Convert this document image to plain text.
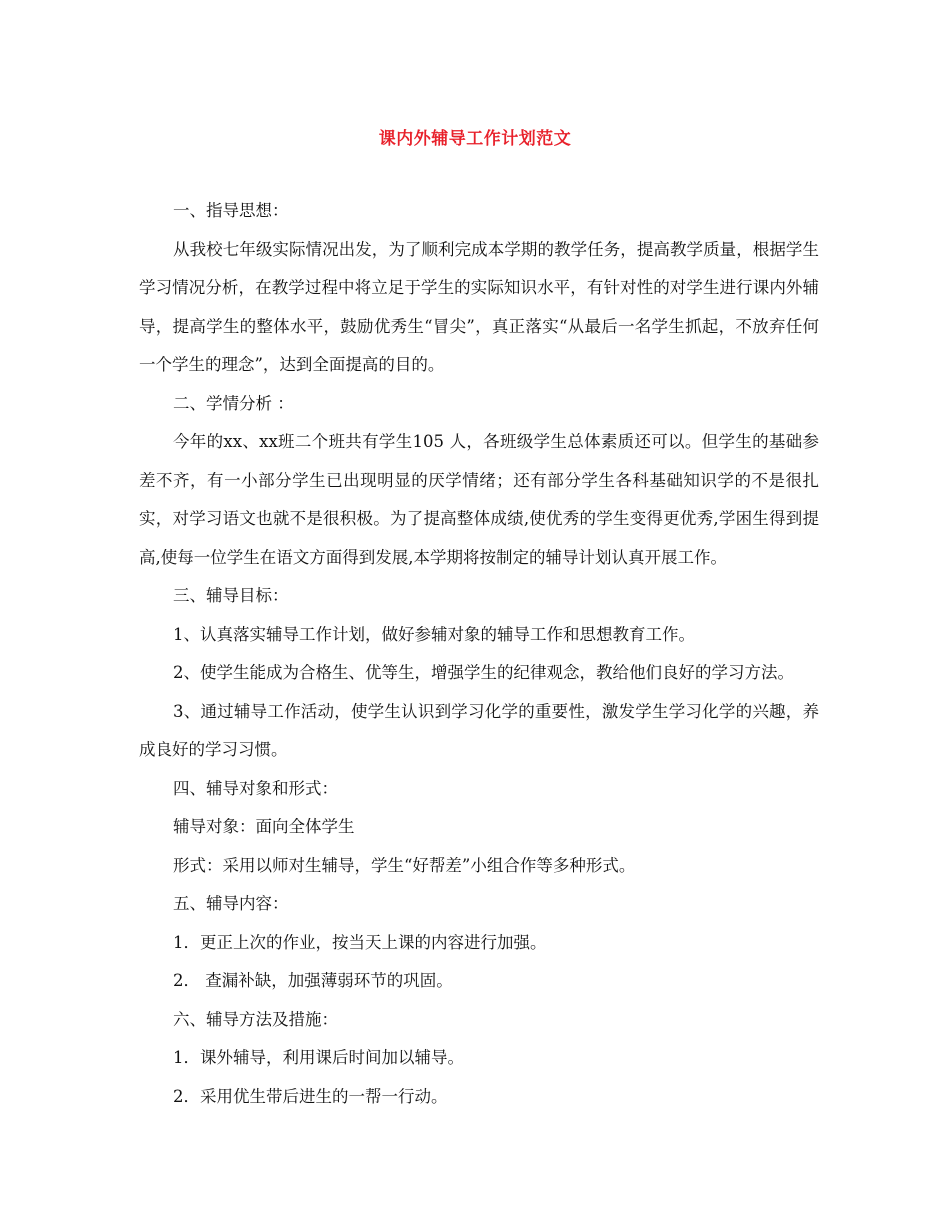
课内外辅导工作计划范文

一、指导思想：

从我校七年级实际情况出发，为了顺利完成本学期的教学任务，提高教学质量，根据学生学习情况分析，在教学过程中将立足于学生的实际知识水平，有针对性的对学生进行课内外辅导，提高学生的整体水平，鼓励优秀生“冒尖”，真正落实“从最后一名学生抓起，不放弃任何一个学生的理念”，达到全面提高的目的。

二、学情分析 ：

今年的xx、xx班二个班共有学生105 人，各班级学生总体素质还可以。但学生的基础参差不齐，有一小部分学生已出现明显的厌学情绪；还有部分学生各科基础知识学的不是很扎实，对学习语文也就不是很积极。为了提高整体成绩,使优秀的学生变得更优秀,学困生得到提高,使每一位学生在语文方面得到发展,本学期将按制定的辅导计划认真开展工作。

三、辅导目标：

1、认真落实辅导工作计划，做好参辅对象的辅导工作和思想教育工作。

2、使学生能成为合格生、优等生，增强学生的纪律观念，教给他们良好的学习方法。

3、通过辅导工作活动，使学生认识到学习化学的重要性，激发学生学习化学的兴趣，养成良好的学习习惯。

四、辅导对象和形式：

辅导对象：面向全体学生

形式：采用以师对生辅导，学生“好帮差”小组合作等多种形式。

五、辅导内容：

1．更正上次的作业，按当天上课的内容进行加强。

2． 查漏补缺，加强薄弱环节的巩固。

六、辅导方法及措施：

1．课外辅导，利用课后时间加以辅导。

2．采用优生带后进生的一帮一行动。
